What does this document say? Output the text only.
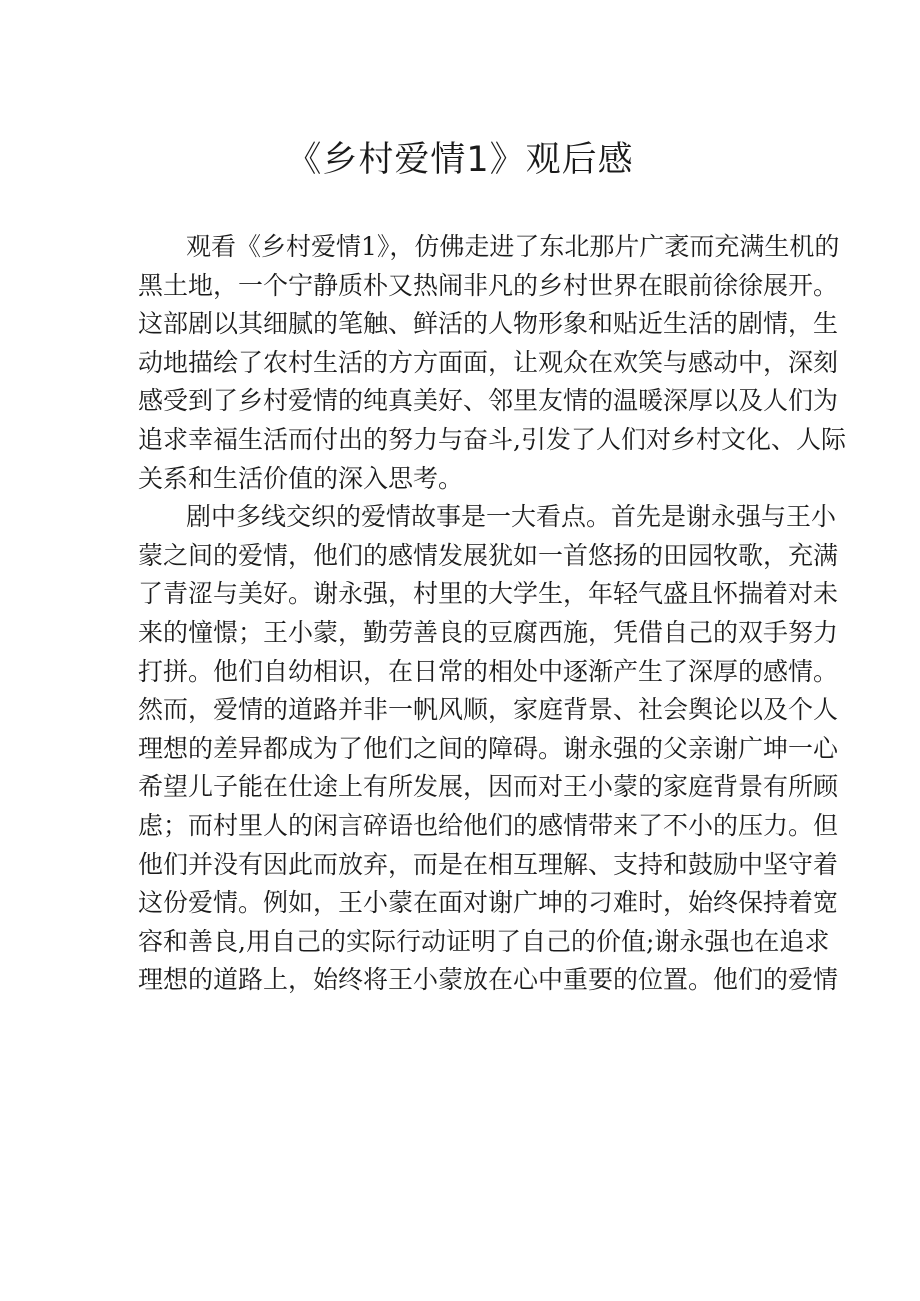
《乡村爱情1》观后感
观看《乡村爱情1》，仿佛走进了东北那片广袤而充满生机的
黑土地，一个宁静质朴又热闹非凡的乡村世界在眼前徐徐展开。
这部剧以其细腻的笔触、鲜活的人物形象和贴近生活的剧情，生
动地描绘了农村生活的方方面面，让观众在欢笑与感动中，深刻
感受到了乡村爱情的纯真美好、邻里友情的温暖深厚以及人们为
追求幸福生活而付出的努力与奋斗,引发了人们对乡村文化、人际
关系和生活价值的深入思考。
剧中多线交织的爱情故事是一大看点。首先是谢永强与王小
蒙之间的爱情，他们的感情发展犹如一首悠扬的田园牧歌，充满
了青涩与美好。谢永强，村里的大学生，年轻气盛且怀揣着对未
来的憧憬；王小蒙，勤劳善良的豆腐西施，凭借自己的双手努力
打拼。他们自幼相识，在日常的相处中逐渐产生了深厚的感情。
然而，爱情的道路并非一帆风顺，家庭背景、社会舆论以及个人
理想的差异都成为了他们之间的障碍。谢永强的父亲谢广坤一心
希望儿子能在仕途上有所发展，因而对王小蒙的家庭背景有所顾
虑；而村里人的闲言碎语也给他们的感情带来了不小的压力。但
他们并没有因此而放弃，而是在相互理解、支持和鼓励中坚守着
这份爱情。例如，王小蒙在面对谢广坤的刁难时，始终保持着宽
容和善良,用自己的实际行动证明了自己的价值;谢永强也在追求
理想的道路上，始终将王小蒙放在心中重要的位置。他们的爱情
